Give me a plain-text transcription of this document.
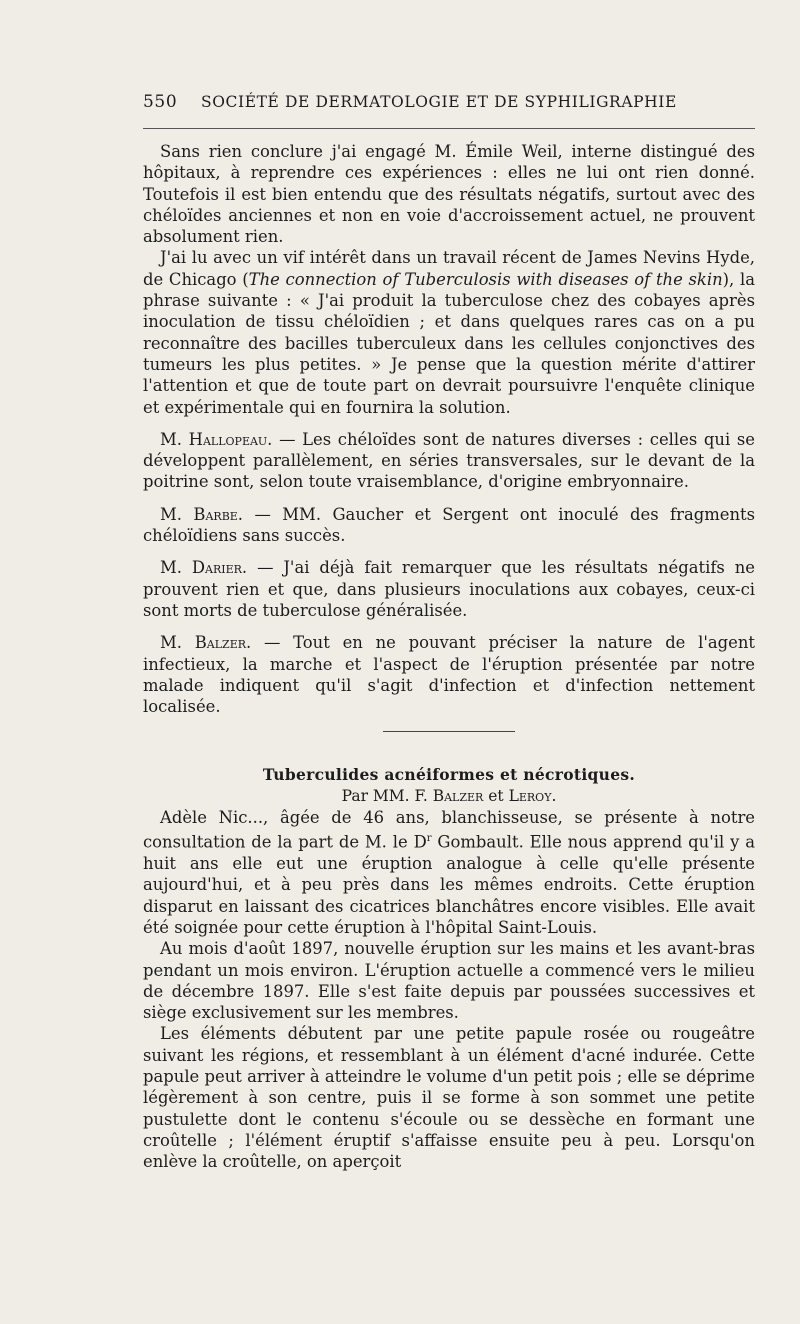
550 SOCIÉTÉ DE DERMATOLOGIE ET DE SYPHILIGRAPHIE

Sans rien conclure j'ai engagé M. Émile Weil, interne distingué des hôpitaux, à reprendre ces expériences : elles ne lui ont rien donné. Toutefois il est bien entendu que des résultats négatifs, surtout avec des chéloïdes anciennes et non en voie d'accroissement actuel, ne prouvent absolument rien.

J'ai lu avec un vif intérêt dans un travail récent de James Nevins Hyde, de Chicago (The connection of Tuberculosis with diseases of the skin), la phrase suivante : « J'ai produit la tuberculose chez des cobayes après inoculation de tissu chéloïdien ; et dans quelques rares cas on a pu reconnaître des bacilles tuberculeux dans les cellules conjonctives des tumeurs les plus petites. » Je pense que la question mérite d'attirer l'attention et que de toute part on devrait poursuivre l'enquête clinique et expérimentale qui en fournira la solution.

M. Hallopeau. — Les chéloïdes sont de natures diverses : celles qui se développent parallèlement, en séries transversales, sur le devant de la poitrine sont, selon toute vraisemblance, d'origine embryonnaire.

M. Barbe. — MM. Gaucher et Sergent ont inoculé des fragments chéloïdiens sans succès.

M. Darier. — J'ai déjà fait remarquer que les résultats négatifs ne prouvent rien et que, dans plusieurs inoculations aux cobayes, ceux-ci sont morts de tuberculose généralisée.

M. Balzer. — Tout en ne pouvant préciser la nature de l'agent infectieux, la marche et l'aspect de l'éruption présentée par notre malade indiquent qu'il s'agit d'infection et d'infection nettement localisée.

Tuberculides acnéiformes et nécrotiques.

Par MM. F. Balzer et Leroy.

Adèle Nic..., âgée de 46 ans, blanchisseuse, se présente à notre consultation de la part de M. le $D^r$ Gombault. Elle nous apprend qu'il y a huit ans elle eut une éruption analogue à celle qu'elle présente aujourd'hui, et à peu près dans les mêmes endroits. Cette éruption disparut en laissant des cicatrices blanchâtres encore visibles. Elle avait été soignée pour cette éruption à l'hôpital Saint-Louis.

Au mois d'août 1897, nouvelle éruption sur les mains et les avant-bras pendant un mois environ. L'éruption actuelle a commencé vers le milieu de décembre 1897. Elle s'est faite depuis par poussées successives et siège exclusivement sur les membres.

Les éléments débutent par une petite papule rosée ou rougeâtre suivant les régions, et ressemblant à un élément d'acné indurée. Cette papule peut arriver à atteindre le volume d'un petit pois ; elle se déprime légèrement à son centre, puis il se forme à son sommet une petite pustulette dont le contenu s'écoule ou se dessèche en formant une croûtelle ; l'élément éruptif s'affaisse ensuite peu à peu. Lorsqu'on enlève la croûtelle, on aperçoit
